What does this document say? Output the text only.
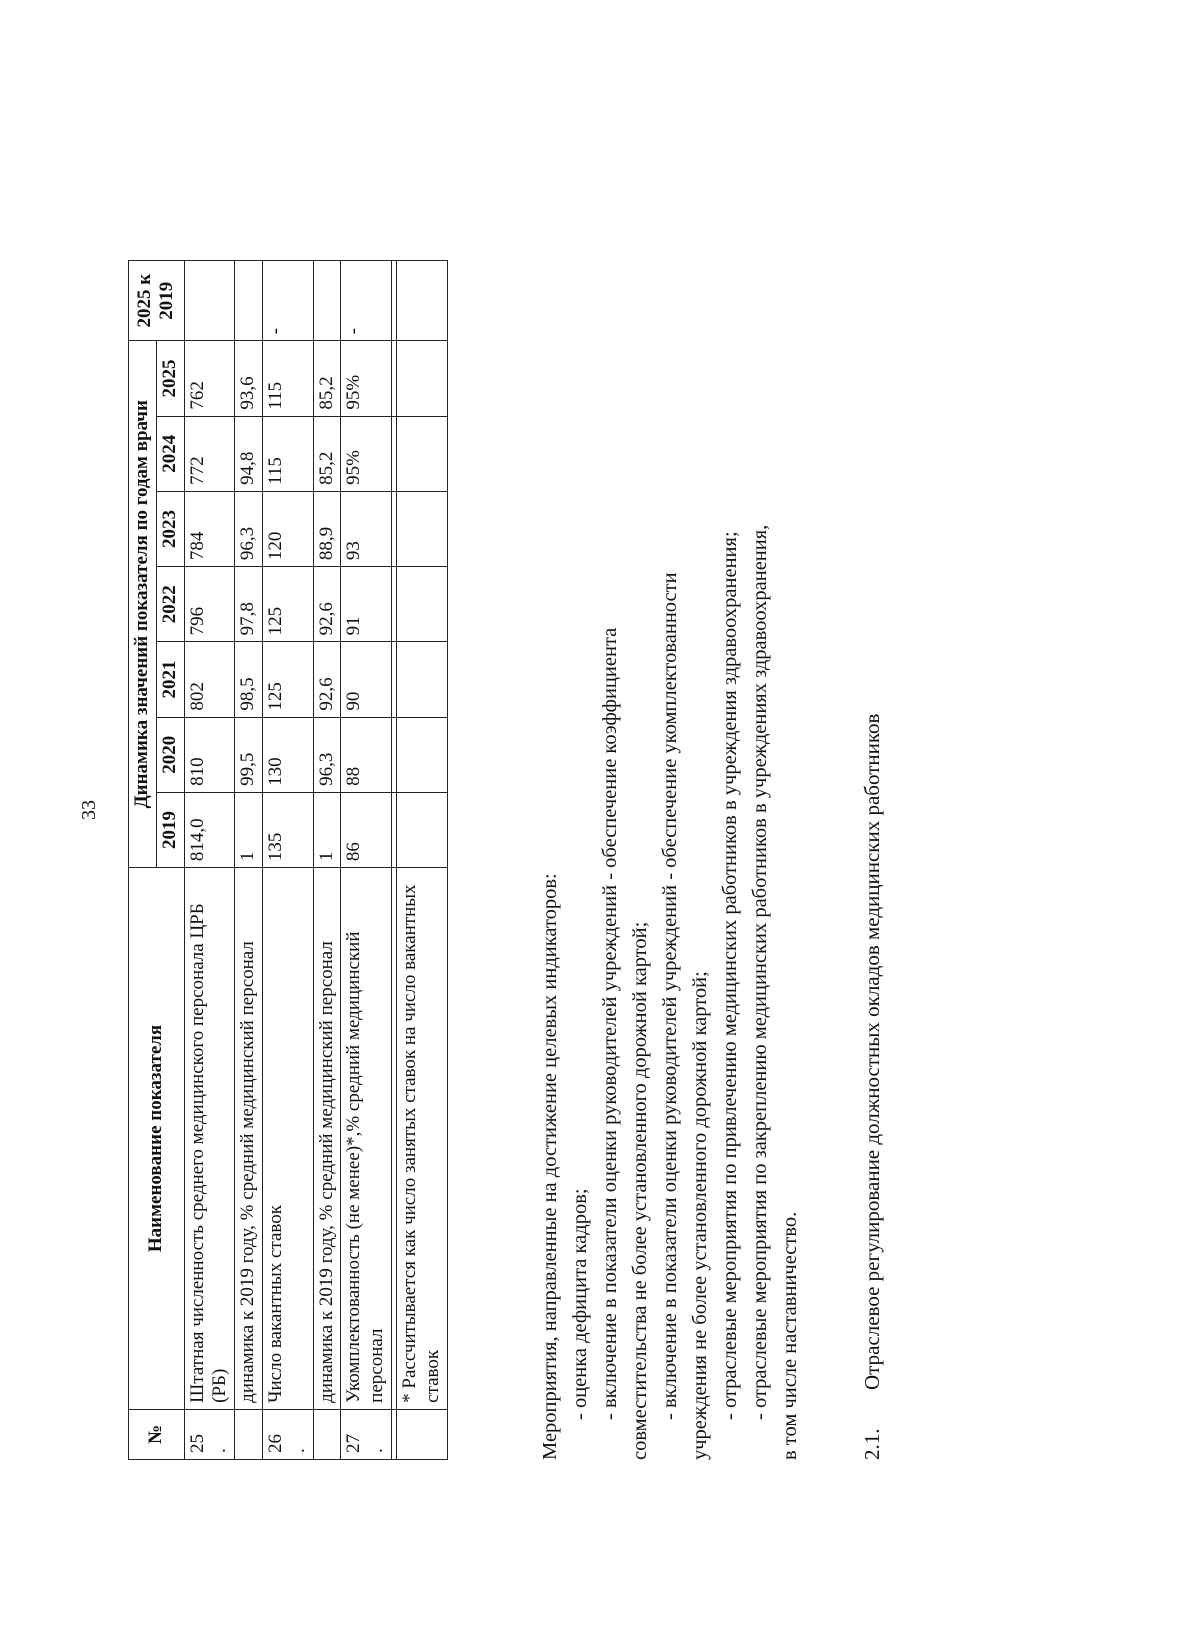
33
№	Наименование показателя	Динамика значений показателя по годам врачи							2025 к 2019
		2019	2020	2021	2022	2023	2024	2025	

25 .	Штатная численность среднего медицинского персонала ЦРБ (РБ)	814,0	810	802	796	784	772	762	

	динамика к 2019 году, % средний медицинский персонал	1	99,5	98,5	97,8	96,3	94,8	93,6	

26 .	Число вакантных ставок	135	130	125	125	120	115	115	-

	динамика к 2019 году, % средний медицинский персонал	1	96,3	92,6	92,6	88,9	85,2	85,2	

27 .	Укомплектованность (не менее)*,% средний медицинский персонал	86	88	90	91	93	95%	95%	-

	* Рассчитывается как число занятых ставок на число вакантных ставок									Мероприятия, направленные на достижение целевых индикаторов: - оценка дефицита кадров; - включение в показатели оценки руководителей учреждений - обеспечение коэффициента совместительства не более установленного дорожной картой; - включение в показатели оценки руководителей учреждений - обеспечение укомплектованности учреждения не более установленного дорожной картой; - отраслевые мероприятия по привлечению медицинских работников в учреждения здравоохранения; - отраслевые мероприятия по закреплению медицинских работников в учреждениях здравоохранения, в том числе наставничество.	2.1.Отраслевое регулирование должностных окладов медицинских работников
